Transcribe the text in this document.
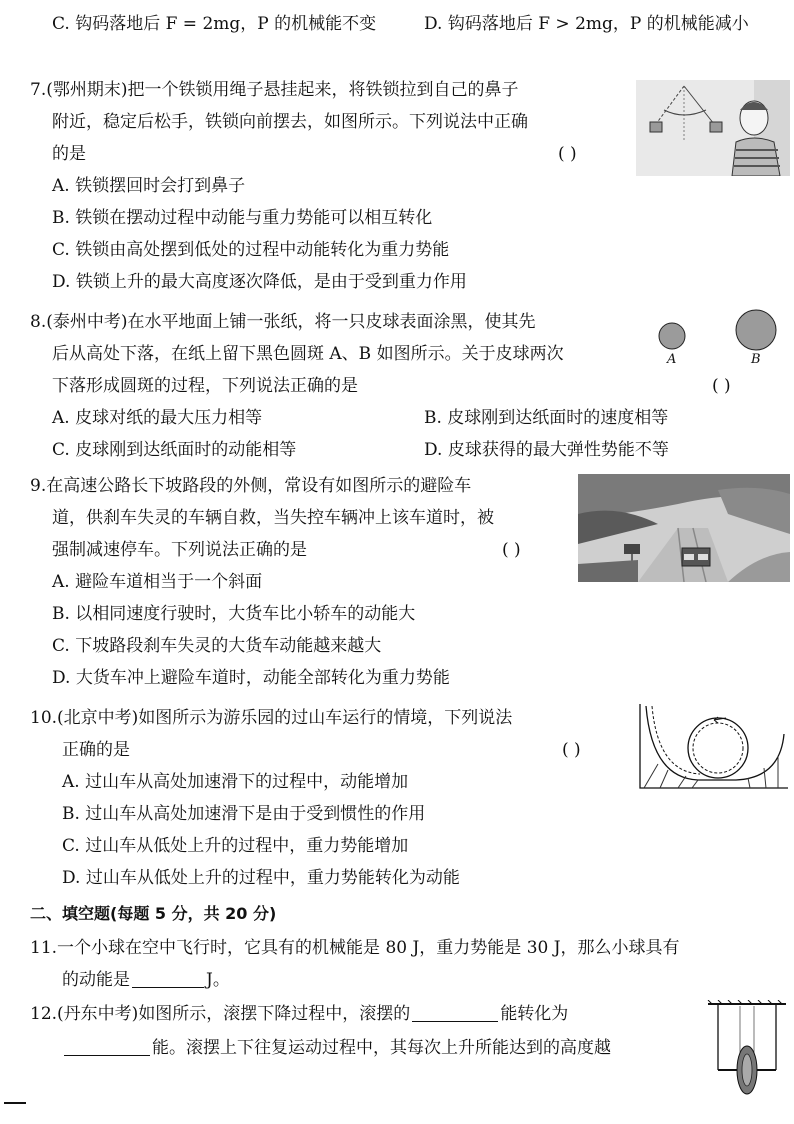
C. 钩码落地后 F = 2mg，P 的机械能不变	D. 钩码落地后 F > 2mg，P 的机械能减小
7.(鄂州期末)把一个铁锁用绳子悬挂起来，将铁锁拉到自己的鼻子
附近，稳定后松手，铁锁向前摆去，如图所示。下列说法中正确
的是	( )
A. 铁锁摆回时会打到鼻子
B. 铁锁在摆动过程中动能与重力势能可以相互转化
C. 铁锁由高处摆到低处的过程中动能转化为重力势能
D. 铁锁上升的最大高度逐次降低，是由于受到重力作用
8.(泰州中考)在水平地面上铺一张纸，将一只皮球表面涂黑，使其先
后从高处下落，在纸上留下黑色圆斑 A、B 如图所示。关于皮球两次
下落形成圆斑的过程，下列说法正确的是	( )
A. 皮球对纸的最大压力相等	B. 皮球刚到达纸面时的速度相等
C. 皮球刚到达纸面时的动能相等	D. 皮球获得的最大弹性势能不等
A	B
9.在高速公路长下坡路段的外侧，常设有如图所示的避险车
道，供刹车失灵的车辆自救，当失控车辆冲上该车道时，被
强制减速停车。下列说法正确的是	( )
A. 避险车道相当于一个斜面
B. 以相同速度行驶时，大货车比小轿车的动能大
C. 下坡路段刹车失灵的大货车动能越来越大
D. 大货车冲上避险车道时，动能全部转化为重力势能
10.(北京中考)如图所示为游乐园的过山车运行的情境，下列说法
正确的是	( )
A. 过山车从高处加速滑下的过程中，动能增加
B. 过山车从高处加速滑下是由于受到惯性的作用
C. 过山车从低处上升的过程中，重力势能增加
D. 过山车从低处上升的过程中，重力势能转化为动能
二、填空题(每题 5 分，共 20 分)
11.一个小球在空中飞行时，它具有的机械能是 80 J，重力势能是 30 J，那么小球具有
的动能是	J。
12.(丹东中考)如图所示，滚摆下降过程中，滚摆的	能转化为
能。滚摆上下往复运动过程中，其每次上升所能达到的高度越
